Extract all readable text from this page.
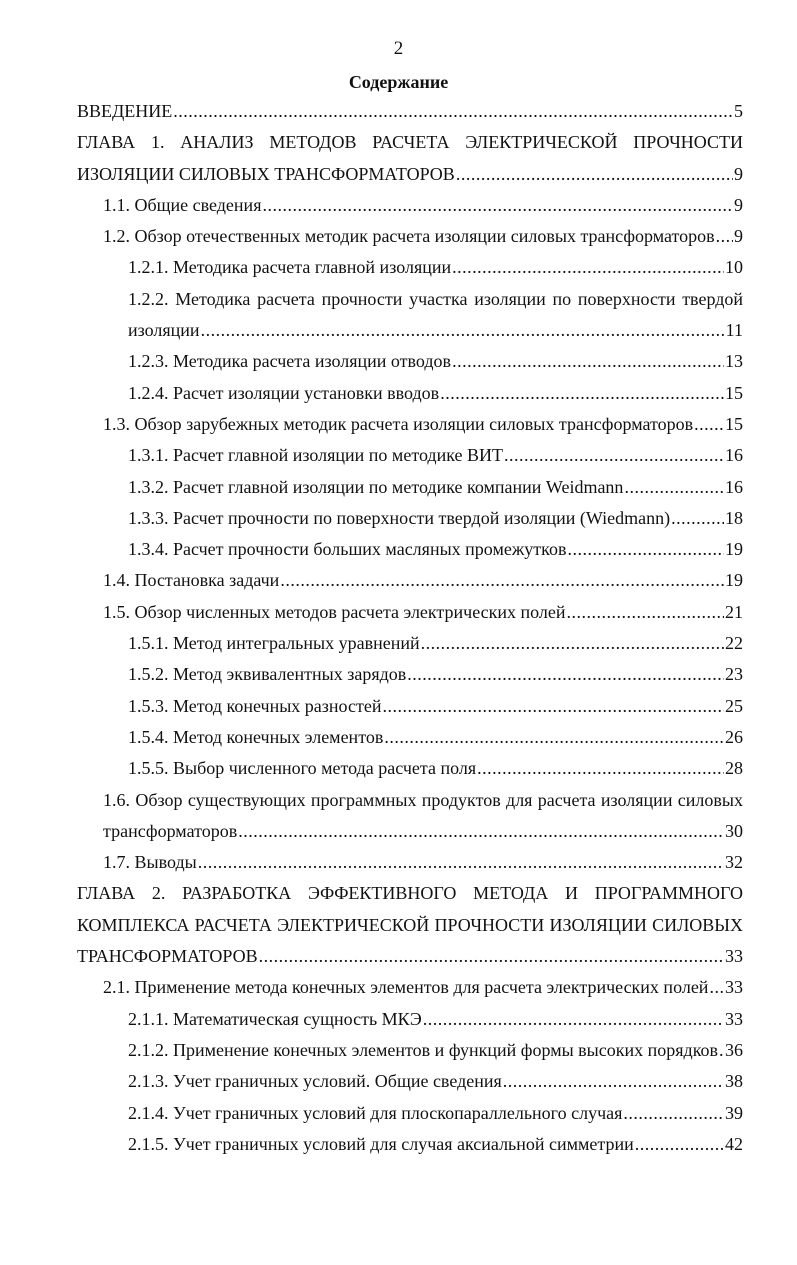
2
Содержание
ВВЕДЕНИЕ .....	5
ГЛАВА 1. АНАЛИЗ МЕТОДОВ РАСЧЕТА ЭЛЕКТРИЧЕСКОЙ ПРОЧНОСТИ
ИЗОЛЯЦИИ СИЛОВЫХ ТРАНСФОРМАТОРОВ .....	9
1.1. Общие сведения .....	9
1.2. Обзор отечественных методик расчета изоляции силовых трансформаторов ..... 9
1.2.1. Методика расчета главной изоляции .....	10
1.2.2. Методика расчета прочности участка изоляции по поверхности твердой
изоляции .....	11
1.2.3. Методика расчета изоляции отводов .....	13
1.2.4. Расчет изоляции установки вводов .....	15
1.3. Обзор зарубежных методик расчета изоляции силовых трансформаторов ..... 15
1.3.1. Расчет главной изоляции по методике ВИТ .....	16
1.3.2. Расчет главной изоляции по методике компании Weidmann .....	16
1.3.3. Расчет прочности по поверхности твердой изоляции (Wiedmann) .....	18
1.3.4. Расчет прочности больших масляных промежутков .....	19
1.4. Постановка задачи .....	19
1.5. Обзор численных методов расчета электрических полей .....	21
1.5.1. Метод интегральных уравнений .....	22
1.5.2. Метод эквивалентных зарядов .....	23
1.5.3. Метод конечных разностей .....	25
1.5.4. Метод конечных элементов .....	26
1.5.5. Выбор численного метода расчета поля .....	28
1.6. Обзор существующих программных продуктов для расчета изоляции силовых
трансформаторов .....	30
1.7. Выводы .....	32
ГЛАВА 2. РАЗРАБОТКА ЭФФЕКТИВНОГО МЕТОДА И ПРОГРАММНОГО
КОМПЛЕКСА РАСЧЕТА ЭЛЕКТРИЧЕСКОЙ ПРОЧНОСТИ ИЗОЛЯЦИИ СИЛОВЫХ
ТРАНСФОРМАТОРОВ .....	33
2.1. Применение метода конечных элементов для расчета электрических полей ..... 33
2.1.1. Математическая сущность МКЭ .....	33
2.1.2. Применение конечных элементов и функций формы высоких порядков ..... 36
2.1.3. Учет граничных условий. Общие сведения .....	38
2.1.4. Учет граничных условий для плоскопараллельного случая .....	39
2.1.5. Учет граничных условий для случая аксиальной симметрии .....	42
